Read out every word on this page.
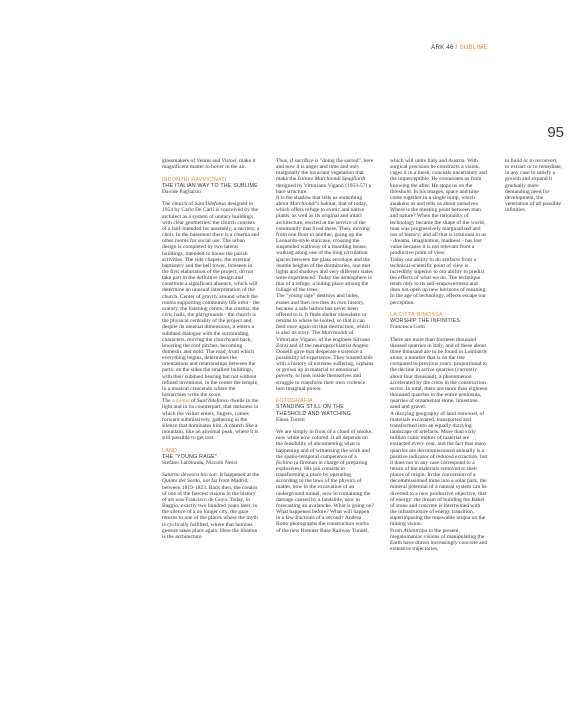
ARK 46 / SUBLIME
95

glassmakers of Venini and Vistosi, make it magnificent matter to hover in the air.

INCONTRI RAVVICINATI
THE ITALIAN WAY TO THE SUBLIME
Davide Pagliarini

The church of Sant'Ildefonso designed in 1954 by Carlo De Carli is conceived by the architect as a system of unitary buildings with clear geometries: the church consists of a half-intended for assembly, a sacristy, a choir. In the basement there is a cinema and other rooms for social use. The urban design is completed by two lateral buildings, intended to house the parish activities. The side chapels, the external baptistery and the bell tower, foreseen in the first elaboration of the project, do not take part in the definitive design and constitute a significant absence, which will determine an unusual interpretation of the church. Center of gravity around which the rooms supporting community life orbit - the oratory, the listening centre, the cinema, the civic halls, the playgrounds - the church is the physical centrality of the project and, despite its unusual dimensions, it enters a subdued dialogue with the surrounding characters, moving the churchyard back, lowering the roof pitches, becoming domestic and mild. The road, from which everything begins, determines the orientations and relationships between the parts: on the sides the smallest buildings, with their subdued bearing but not without refined inventions, in the center the temple, in a musical crescendo where the hierarchies write the score.

The sublime of Sant'Ildefonso dwells in the light and in its counterpart, that darkness in which the visitor enters, lingers, comes forward submissively, gathering in the silence that dominates him. A church like a mountain, like an abysmal peak, where it is still possible to get lost.

LAND
THE "YOUNG RAGE"
Stefano Larotonda, Niccolò Nessi

Saturno devoura hio son. It happened at the Quinta del Sordo, not far from Madrid, between 1819-1823. Back then, the creator of one of the fiercest visions in the history of art was Francisco de Goya. Today, in Baggio, exactly two hundred years later, in the silence of a no longer city, the gaze returns to one of the places where the myth is cyclically fulfilled, where that heinous gesture takes place again. Here the libation is the architecture.

Thus, if sacrifice is "doing the sacred", here and now it is anger and time and only marginally the luxuriant vegetation that make the Istituto Marchiondi Spagliardi designed by Vittoriano Viganò (1953-57) a bare structure.

It is the shadow that tells us something about Marchiondi's habitat, that of today, which offers refuge to exotic and native plants, as well as its original and intact architecture, erected at the service of the community that lived there. Then, moving from one floor to another, going up the Leonardo-style staircase, crossing the suspended walkway of a boarding house, walking along one of the long circulation spaces between the glass envelope and the double heights of the dormitories, one met lights and shadows and very different states were experienced. Today the atmosphere is that of a refuge, a hiding place among the foliage of the trees.

The "young rage" destroys and hides, erases and then rewrites its own history, because a safe harbor has never been offered to it. It finds shelter elsewhere or returns to where he looted, so that it can feed once again on that destruction, which is also its story. The Marchiondi of Vittoriano Viganò, of the engineer Silvano Zorzi and of the neuropsychiatrist Angelo Donelli gave that desperate existence a possibility of experience. They wanted kids with a history of extreme suffering, orphans or grown up in material or emotional poverty, to look inside themselves and struggle to transform their own violence into imaginal power.

FOTOGRAFIA
STANDING STILL ON THE THESHOLD AND WATCHING
Elena Turetti

We are simply in front of a cloud of smoke, now white now colored. It all depends on the feasibility of documenting what is happening and of witnessing the work and the spatio-temporal competence of a fochino (a fireman in charge of preparing explosives). His job consists in transforming a place by operating according to the laws of the physics of matter, now in the excavation of an underground tunnel, now in containing the damage caused by a landslide, now in forecasting an avalanche. What is going on? What happened before? What will happen in a few fractions of a second? Andrea Botto photographs the construction works of the new Brenner Base Railway Tunnel,

which will unite Italy and Austria. With surgical precision he constructs a vision, cages it in a mesh, conceals uncertainty and the imperceptible. He exonerates us from knowing the after. He stops us on the threshold. In his images, space and time come together in a single lump, which awakens us and tells us about ourselves.

Where is the meeting point between man and nature? When the rationality of technology became the shape of the world, man was progressively marginalized and out of history; and all that is irrational in us - dreams, imagination, madness - has lost value because it is not relevant from a productive point of view.

Today our ability to do artifacts from a technical-scientific point of view is incredibly superior to our ability to predict the effects of what we do. The technique tends only to its self-empowerment and does not open up new horizons of meaning. In the age of technology, effects escape our perception.

LA CITTÀ RIMOSSA
WORSHIP THE INFINITIES
Francesca Gotti

There are more than fourteen thousand disused quarries in Italy, and of these about three thousand are to be found in Lombardy alone, a number that is on the rise compared to previous years, proportional to the decline in active quarries (currently about four thousand), a phenomenon accelerated by the crisis in the construction sector. In total, there are more than eighteen thousand quarries in the entire peninsula, quarries of ornamental stone, limestone, sand and gravel.

A dizzying geography of land removed, of materials excavated, transported and transformed into an equally dizzying landscape of artefacts. More than sixty million cubic metres of material are extracted every year, and the fact that many quarries are decommissioned annually is a positive indicator of reduced extraction, but it does not in any case correspond to a return of the materials removed to their places of origin. In the conversion of a decommissioned mine into a solar park, the mineral potential of a natural system can be diverted to a new productive objective, that of energy: the dream of building the Babel of stone and concrete is intertwined with the infrastructure of energy transition, superimposing the renewable utopia on the mining vision.

From Atlantropa to the present, megalomaniac visions of manipulating the Earth have drawn increasingly concrete and extensive trajectories,

to build or to reconvert, to extract or to remediate, in any case to satisfy a growth and expand it gradually more demanding need for development, the veneration of all possible infinities.
